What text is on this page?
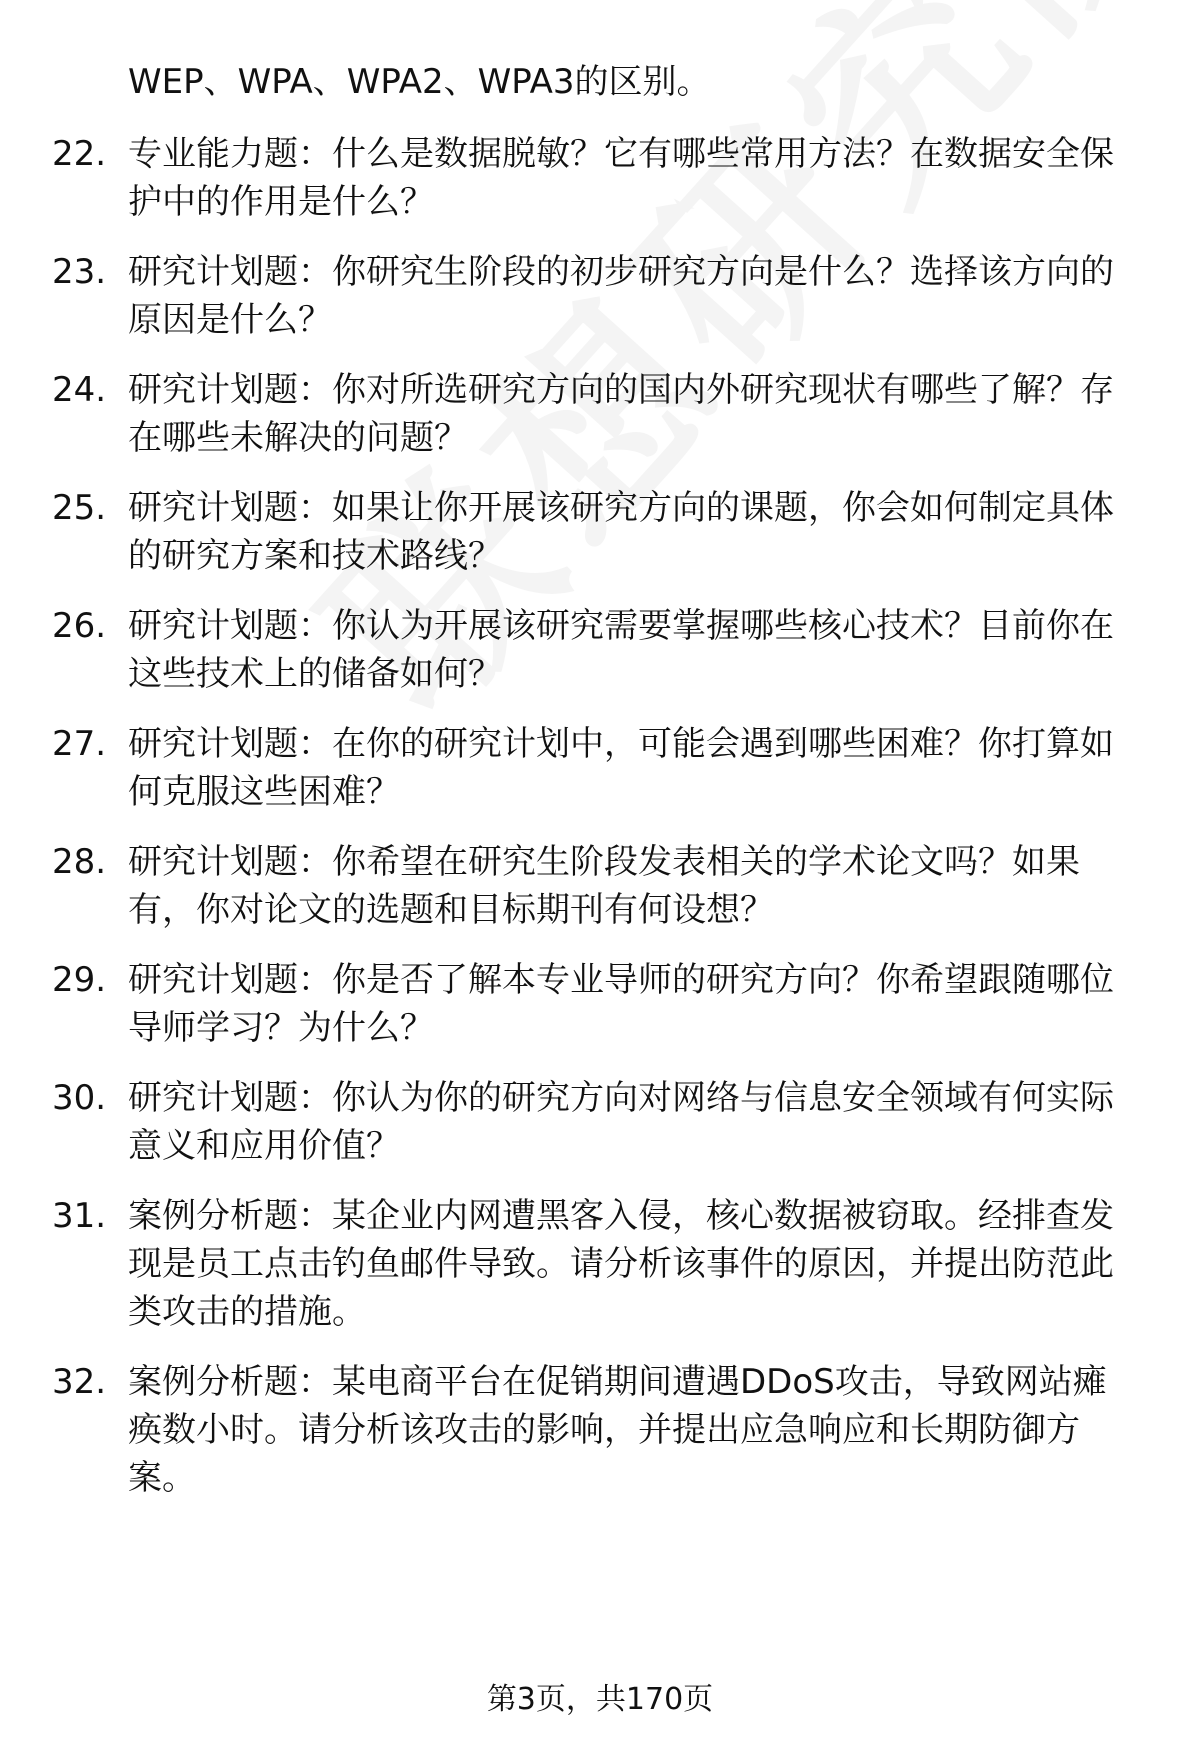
WEP、WPA、WPA2、WPA3的区别。
22. 专业能力题：什么是数据脱敏？它有哪些常用方法？在数据安全保护中的作用是什么？
23. 研究计划题：你研究生阶段的初步研究方向是什么？选择该方向的原因是什么？
24. 研究计划题：你对所选研究方向的国内外研究现状有哪些了解？存在哪些未解决的问题？
25. 研究计划题：如果让你开展该研究方向的课题，你会如何制定具体的研究方案和技术路线？
26. 研究计划题：你认为开展该研究需要掌握哪些核心技术？目前你在这些技术上的储备如何？
27. 研究计划题：在你的研究计划中，可能会遇到哪些困难？你打算如何克服这些困难？
28. 研究计划题：你希望在研究生阶段发表相关的学术论文吗？如果有，你对论文的选题和目标期刊有何设想？
29. 研究计划题：你是否了解本专业导师的研究方向？你希望跟随哪位导师学习？为什么？
30. 研究计划题：你认为你的研究方向对网络与信息安全领域有何实际意义和应用价值？
31. 案例分析题：某企业内网遭黑客入侵，核心数据被窃取。经排查发现是员工点击钓鱼邮件导致。请分析该事件的原因，并提出防范此类攻击的措施。
32. 案例分析题：某电商平台在促销期间遭遇DDoS攻击，导致网站瘫痪数小时。请分析该攻击的影响，并提出应急响应和长期防御方案。
第3页，共170页
